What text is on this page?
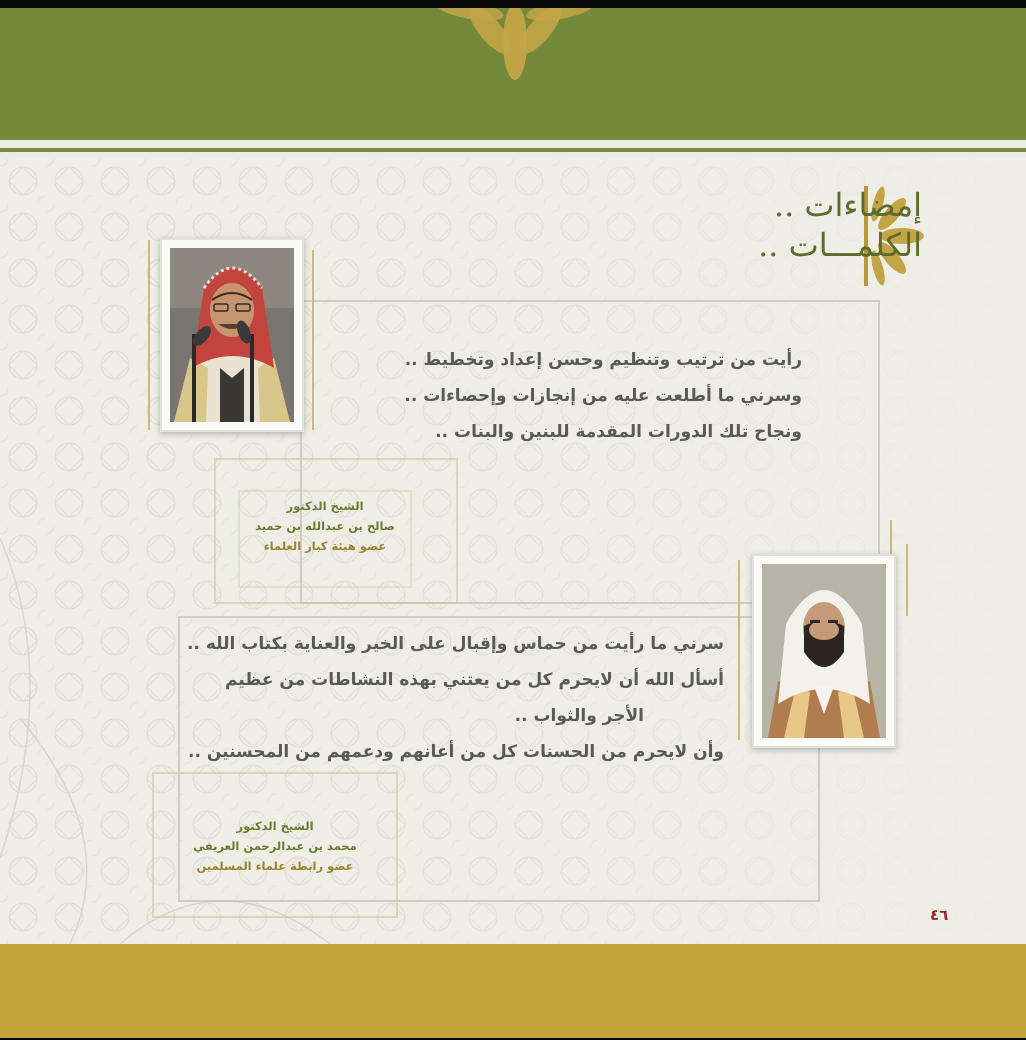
إمضاءات ..
الكلمـــات ..
رأيت من ترتيب وتنظيم وحسن إعداد وتخطيط ..
وسرني ما أطلعت عليه من إنجازات وإحصاءات ..
ونجاح تلك الدورات المقدمة للبنين والبنات ..
الشيخ الدكتور
صالح بن عبدالله بن حميد
عضو هيئة كبار العلماء
سرني ما رأيت من حماس وإقبال على الخير والعناية بكتاب الله ..
أسأل الله أن لايحرم كل من يعتني بهذه النشاطات من عظيم
الأجر والثواب ..
وأن لايحرم من الحسنات كل من أعانهم ودعمهم من المحسنين ..
الشيخ الدكتور
محمد بن عبدالرحمن العريفي
عضو رابطة علماء المسلمين
٤٦
